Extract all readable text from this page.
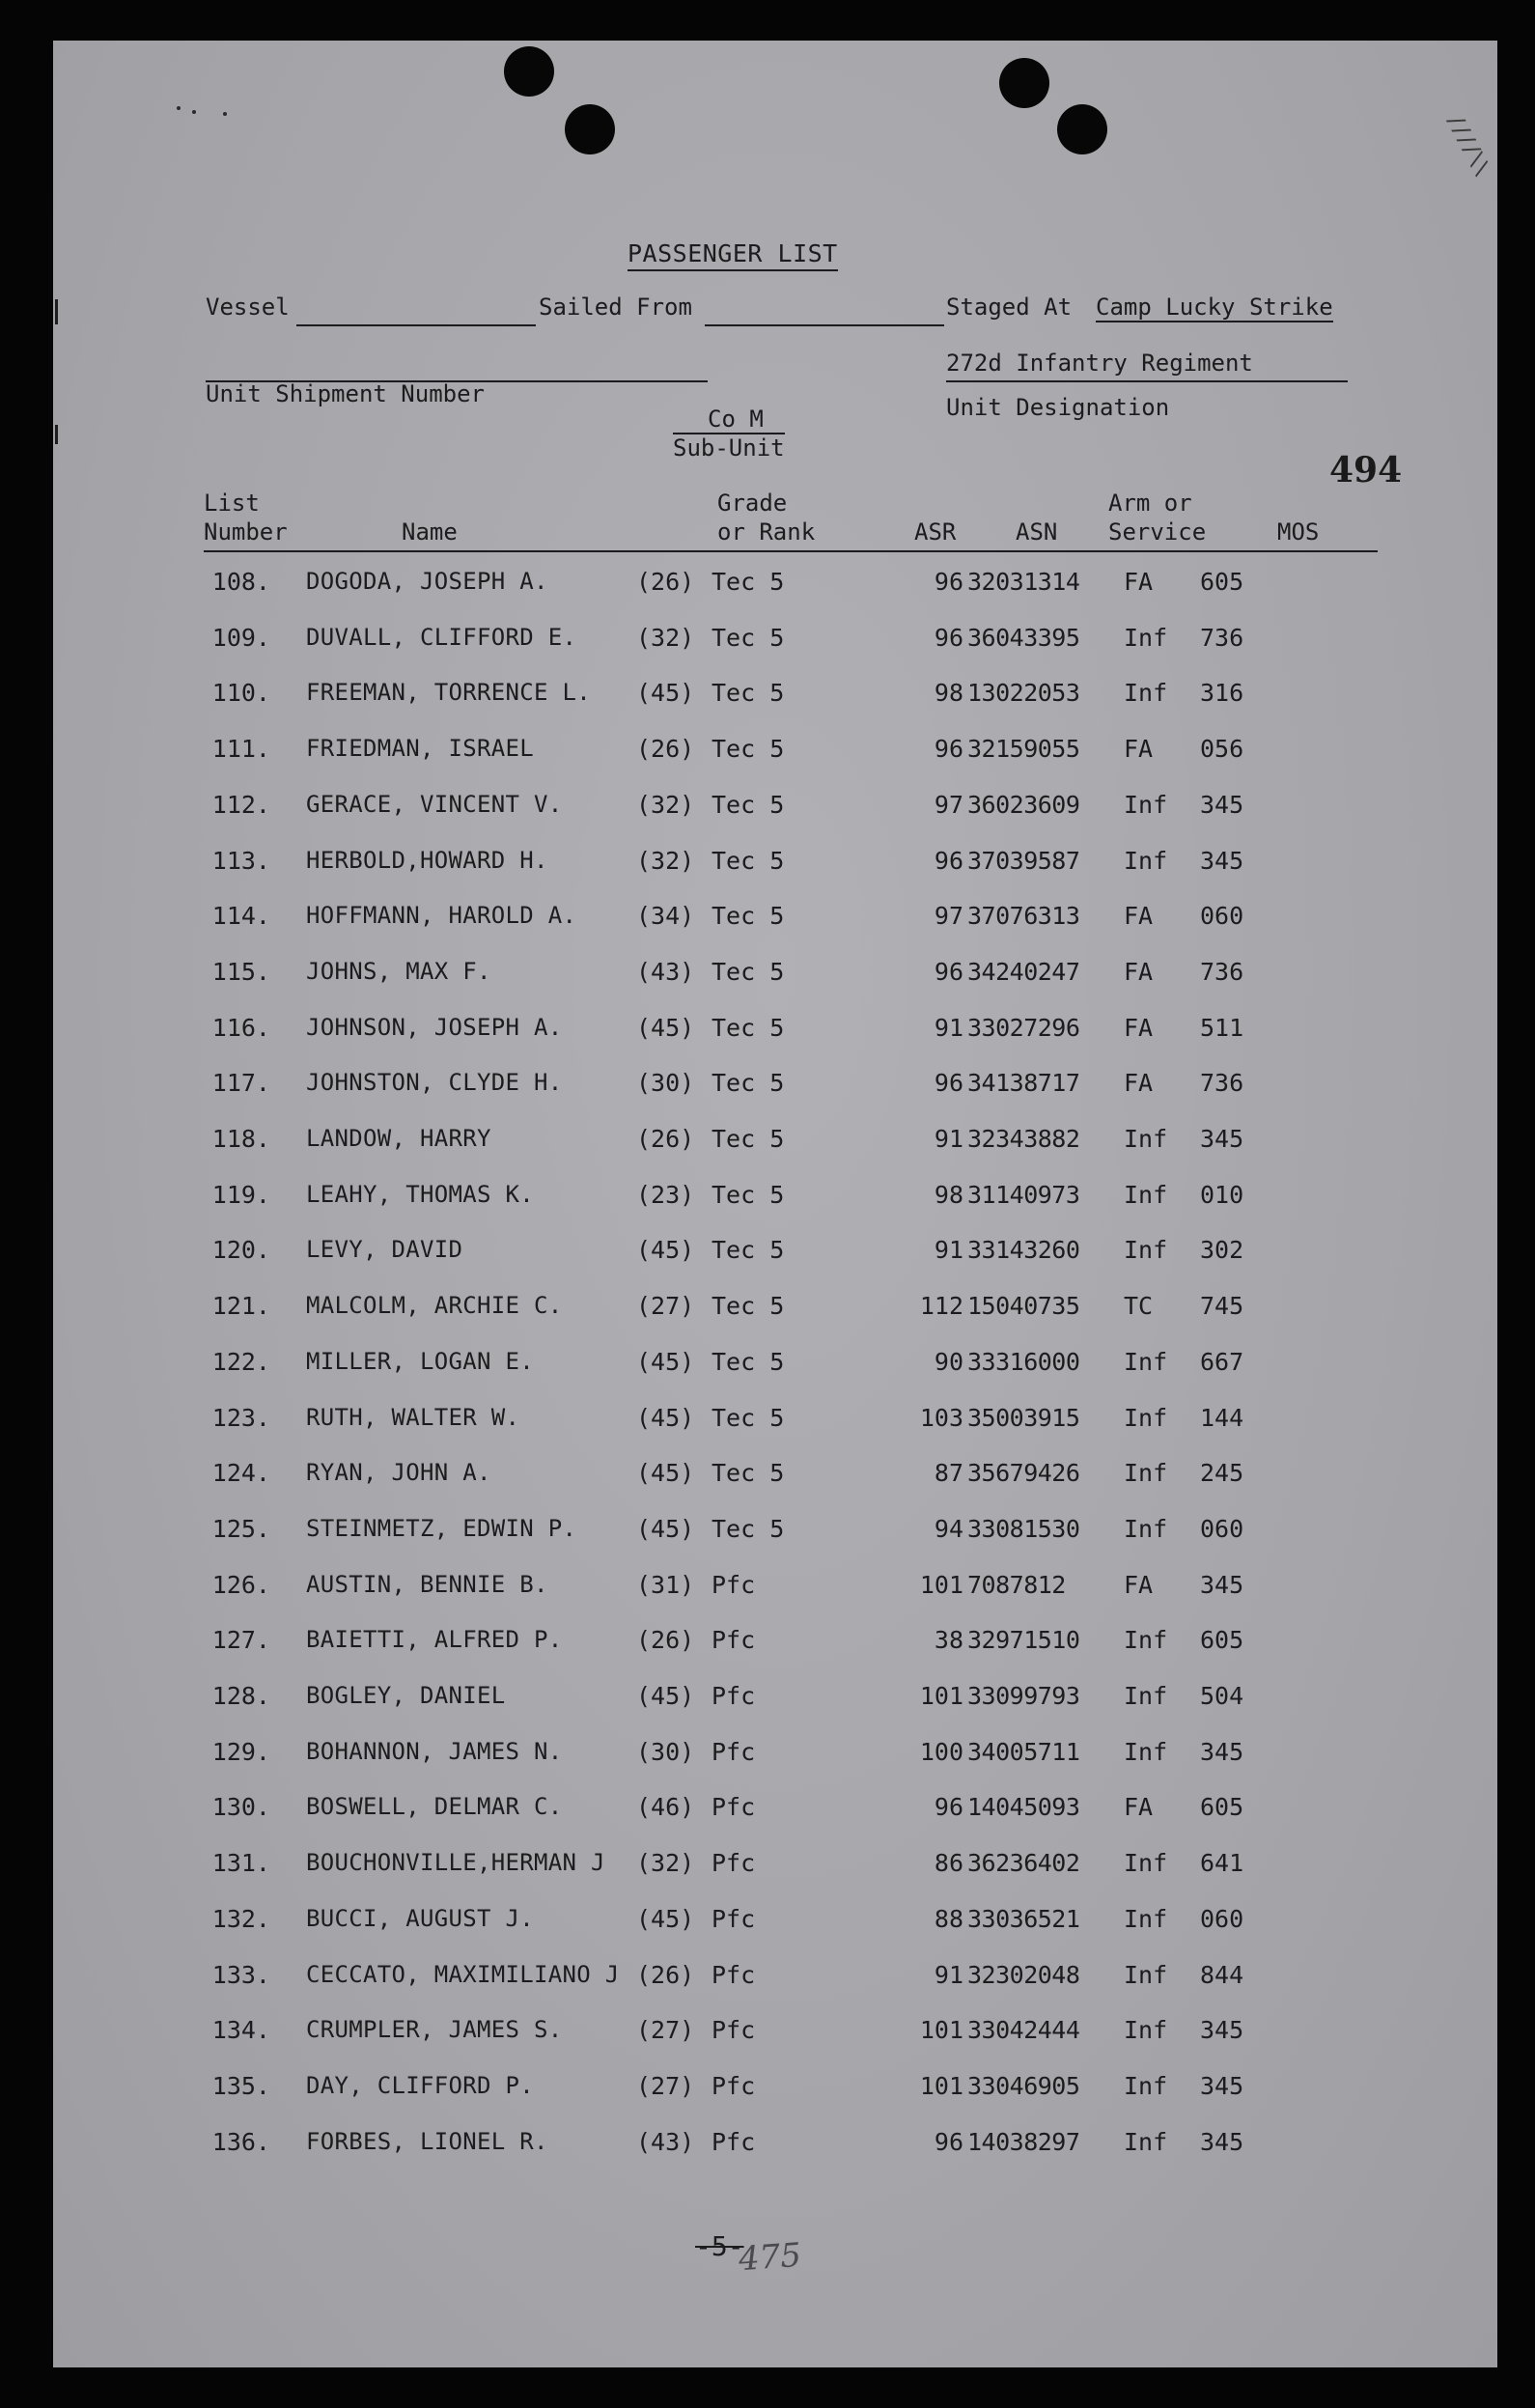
////\\
PASSENGER LIST
Vessel	Sailed From	Staged At Camp Lucky Strike
Unit Shipment Number
272d Infantry Regiment
Unit Designation
Co M
Sub-Unit
494
List
Number	Name
Grade
or Rank	ASR	ASN
Arm or
Service	MOS
108. DOGODA, JOSEPH A.	(26) Tec 5	96 32031314 FA 605
109. DUVALL, CLIFFORD E. (32) Tec 5	96 36043395 Inf 736
110. FREEMAN, TORRENCE L. (45) Tec 5	98 13022053 Inf 316
111. FRIEDMAN, ISRAEL	(26) Tec 5	96 32159055 FA 056
112. GERACE, VINCENT V.	(32) Tec 5	97 36023609 Inf 345
113. HERBOLD,HOWARD H.	(32) Tec 5	96 37039587 Inf 345
114. HOFFMANN, HAROLD A. (34) Tec 5	97 37076313 FA 060
115. JOHNS, MAX F.	(43) Tec 5	96 34240247 FA 736
116. JOHNSON, JOSEPH A.	(45) Tec 5	91 33027296 FA 511
117. JOHNSTON, CLYDE H.	(30) Tec 5	96 34138717 FA 736
118. LANDOW, HARRY	(26) Tec 5	91 32343882 Inf 345
119. LEAHY, THOMAS K.	(23) Tec 5	98 31140973 Inf 010
120. LEVY, DAVID	(45) Tec 5	91 33143260 Inf 302
121. MALCOLM, ARCHIE C.	(27) Tec 5	112 15040735 TC 745
122. MILLER, LOGAN E.	(45) Tec 5	90 33316000 Inf 667
123. RUTH, WALTER W.	(45) Tec 5	103 35003915 Inf 144
124. RYAN, JOHN A.	(45) Tec 5	87 35679426 Inf 245
125. STEINMETZ, EDWIN P. (45) Tec 5	94 33081530 Inf 060
126. AUSTIN, BENNIE B.	(31) Pfc	101 7087812 FA 345
127. BAIETTI, ALFRED P.	(26) Pfc	38 32971510 Inf 605
128. BOGLEY, DANIEL	(45) Pfc	101 33099793 Inf 504
129. BOHANNON, JAMES N.	(30) Pfc	100 34005711 Inf 345
130. BOSWELL, DELMAR C.	(46) Pfc	96 14045093 FA 605
131. BOUCHONVILLE,HERMAN J (32) Pfc	86 36236402 Inf 641
132. BUCCI, AUGUST J.	(45) Pfc	88 33036521 Inf 060
133. CECCATO, MAXIMILIANO J (26) Pfc	91 32302048 Inf 844
134. CRUMPLER, JAMES S.	(27) Pfc	101 33042444 Inf 345
135. DAY, CLIFFORD P.	(27) Pfc	101 33046905 Inf 345
136. FORBES, LIONEL R.	(43) Pfc	96 14038297 Inf 345
-5-
475
